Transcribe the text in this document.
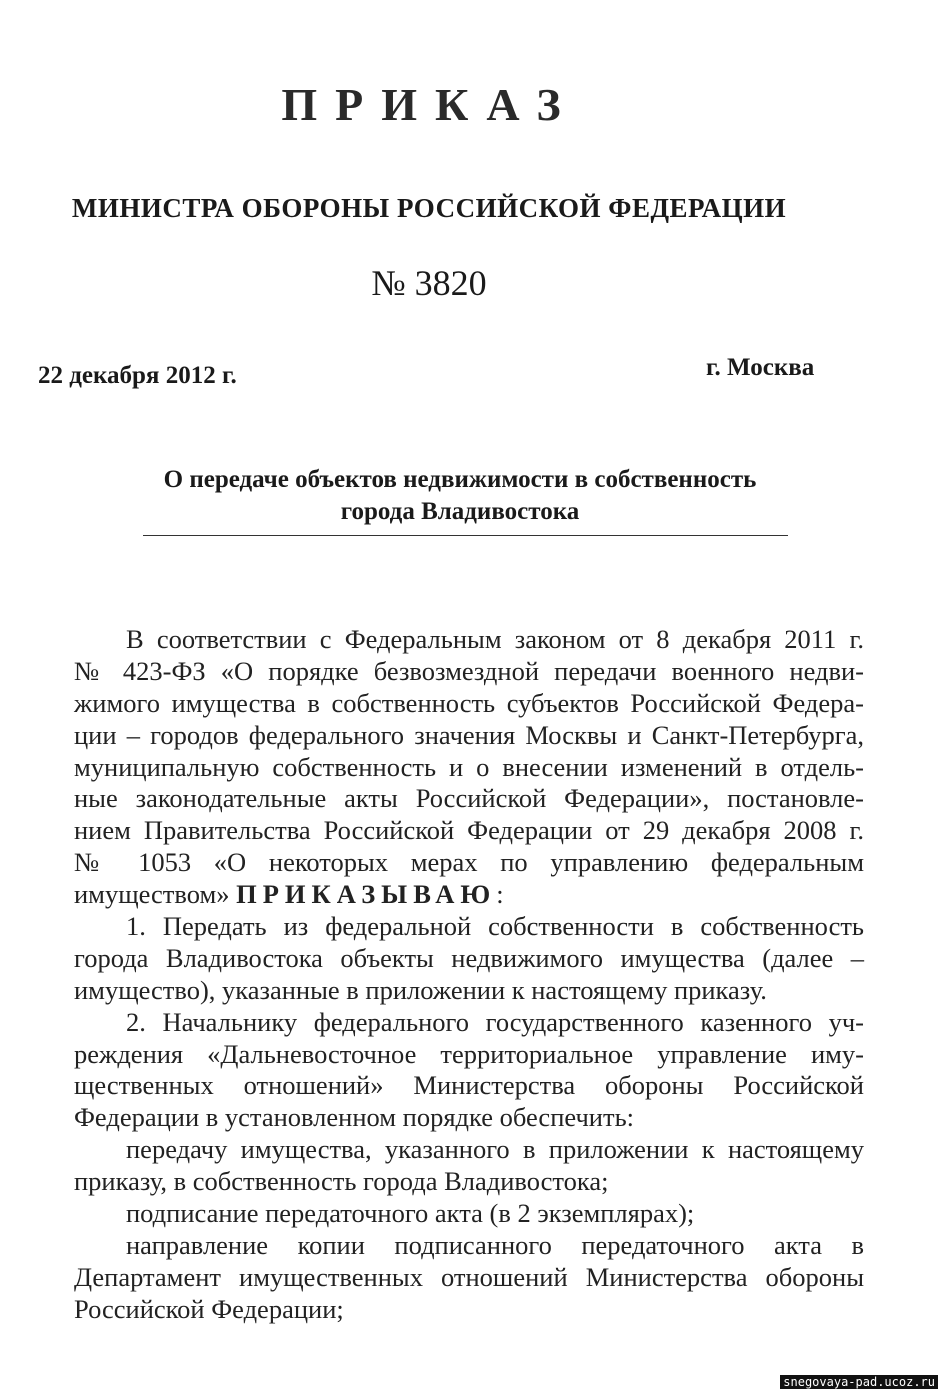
ПРИКАЗ
МИНИСТРА ОБОРОНЫ РОССИЙСКОЙ ФЕДЕРАЦИИ
№ 3820
22 декабря 2012 г.	г. Москва
О передаче объектов недвижимости в собственность
города Владивостока
В соответствии с Федеральным законом от 8 декабря 2011 г.
№ 423-ФЗ «О порядке безвозмездной передачи военного недви-
жимого имущества в собственность субъектов Российской Федера-
ции – городов федерального значения Москвы и Санкт-Петербурга,
муниципальную собственность и о внесении изменений в отдель-
ные законодательные акты Российской Федерации», постановле-
нием Правительства Российской Федерации от 29 декабря 2008 г.
№ 1053 «О некоторых мерах по управлению федеральным
имуществом» ПРИКАЗЫВАЮ:
1. Передать из федеральной собственности в собственность
города Владивостока объекты недвижимого имущества (далее –
имущество), указанные в приложении к настоящему приказу.
2. Начальнику федерального государственного казенного уч-
реждения «Дальневосточное территориальное управление иму-
щественных отношений» Министерства обороны Российской
Федерации в установленном порядке обеспечить:
передачу имущества, указанного в приложении к настоящему
приказу, в собственность города Владивостока;
подписание передаточного акта (в 2 экземплярах);
направление копии подписанного передаточного акта в
Департамент имущественных отношений Министерства обороны
Российской Федерации;
snegovaya-pad.ucoz.ru
